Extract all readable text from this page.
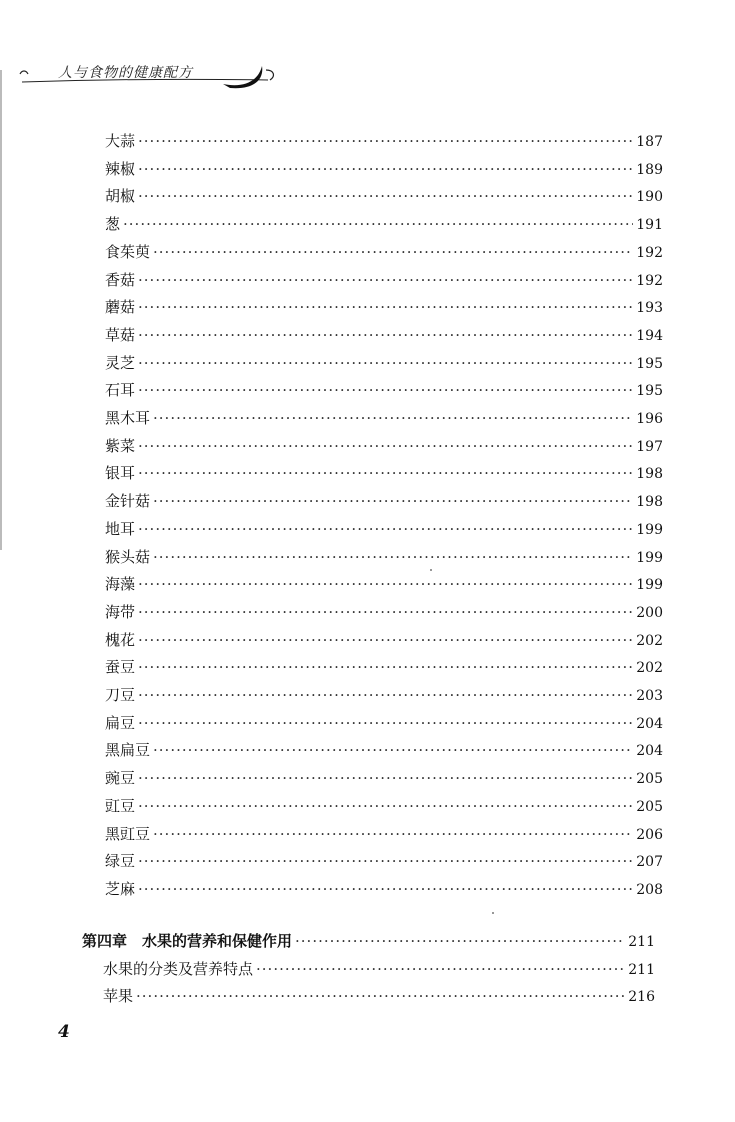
人与食物的健康配方
大蒜 ·····	187
辣椒 ·····	189
胡椒 ·····	190
葱 ·····	191
食茱萸 ·····	192
香菇 ·····	192
蘑菇 ·····	193
草菇 ·····	194
灵芝 ·····	195
石耳 ·····	195
黑木耳 ·····	196
紫菜 ·····	197
银耳 ·····	198
金针菇 ·····	198
地耳 ·····	199
猴头菇 ·····	199
海藻 ·····	199
海带 ·····	200
槐花 ·····	202
蚕豆 ·····	202
刀豆 ·····	203
扁豆 ·····	204
黑扁豆 ·····	204
豌豆 ·····	205
豇豆 ·····	205
黑豇豆 ·····	206
绿豆 ·····	207
芝麻 ·····	208
第四章　水果的营养和保健作用 ·····	211
水果的分类及营养特点 ·····	211
苹果 ·····	216
4
